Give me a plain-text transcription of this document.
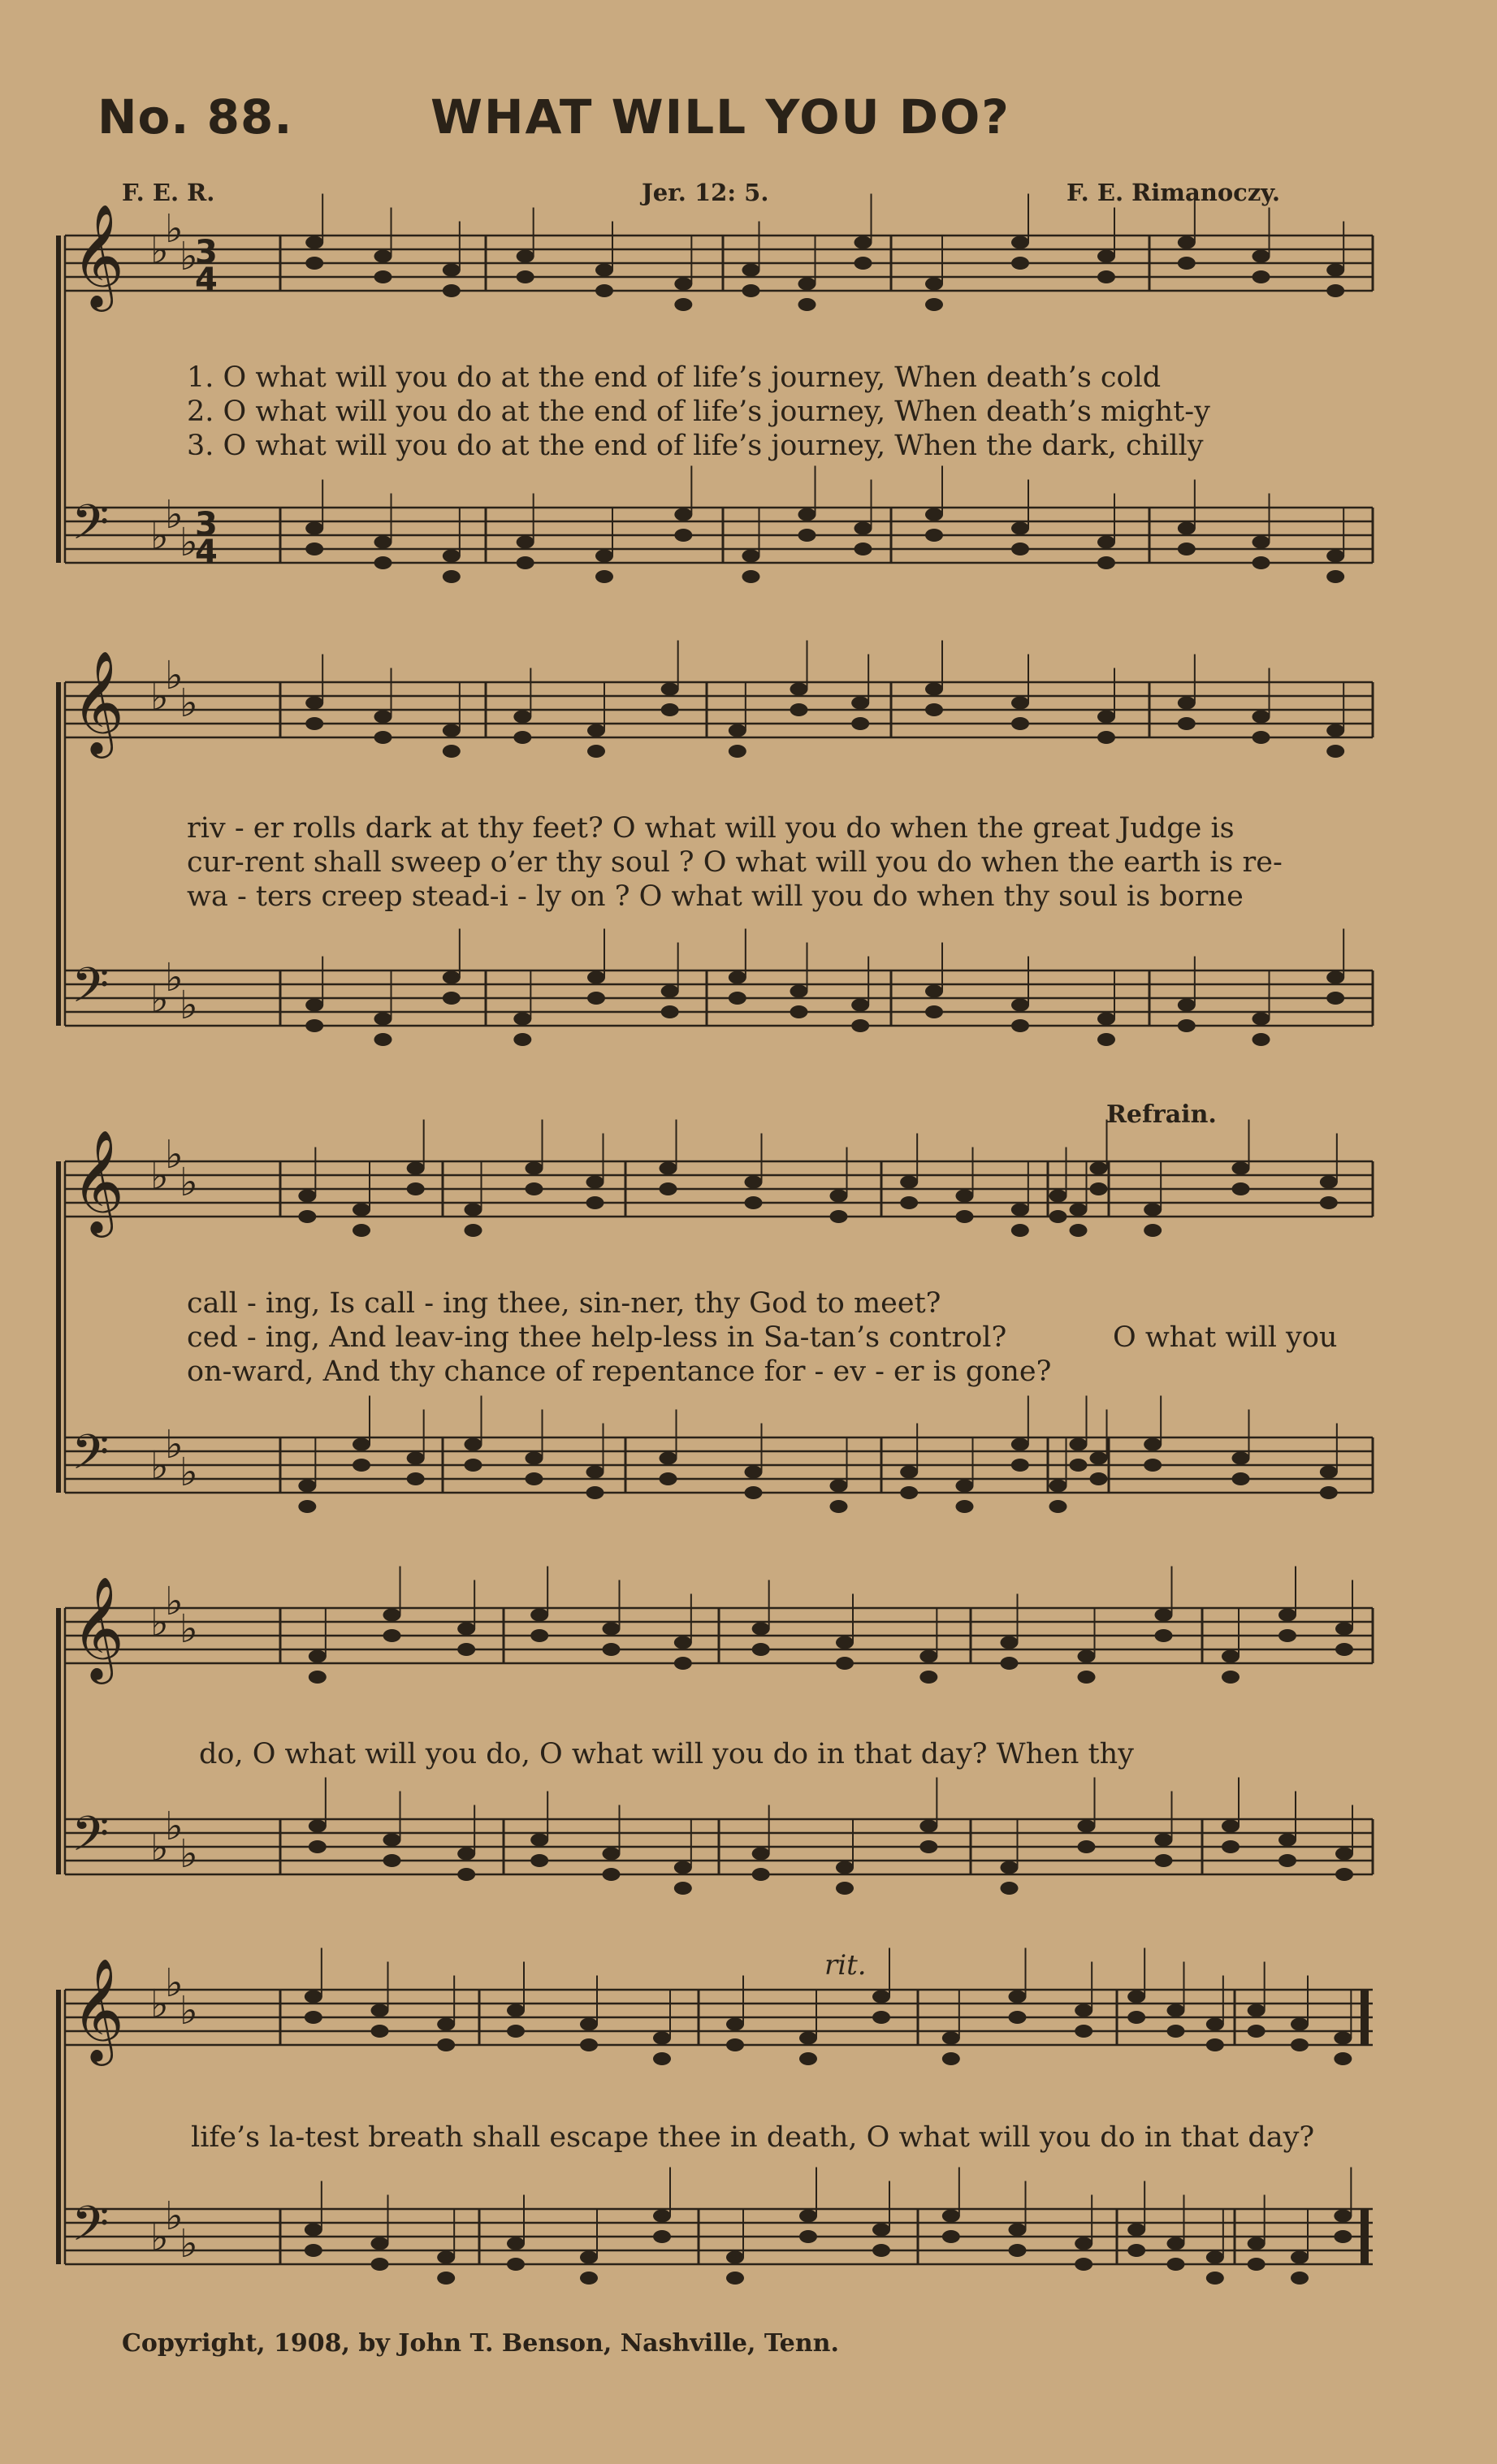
No. 88.	WHAT WILL YOU DO?
F. E. R.	Jer. 12: 5.	F. E. Rimanoczy.
𝄞 ♭
♭
♭
𝄢 ♭
♭
♭
𝄞 ♭
♭
♭
𝄢 ♭
♭
♭
𝄞 ♭
♭
♭
𝄢 ♭
♭
♭
𝄞 ♭
♭
♭
𝄢 ♭
♭
♭
𝄞 ♭
♭
♭
𝄢 ♭
♭
♭
3
4
3
4
1. O what will you do at the end of life’s journey, When death’s cold
2. O what will you do at the end of life’s journey, When death’s might-y
3. O what will you do at the end of life’s journey, When the dark, chilly
riv - er rolls dark at thy feet? O what will you do when the great Judge is
cur-rent shall sweep o’er thy soul ? O what will you do when the earth is re-
wa - ters creep stead-i - ly on ? O what will you do when thy soul is borne
Refrain.
call - ing, Is call - ing thee, sin-ner, thy God to meet?
ced - ing, And leav-ing thee help-less in Sa-tan’s control?
on-ward, And thy chance of repentance for - ev - er is gone?
O what will you
do, O what will you do, O what will you do in that day? When thy
rit.
life’s la-test breath shall escape thee in death, O what will you do in that day?
Copyright, 1908, by John T. Benson, Nashville, Tenn.
